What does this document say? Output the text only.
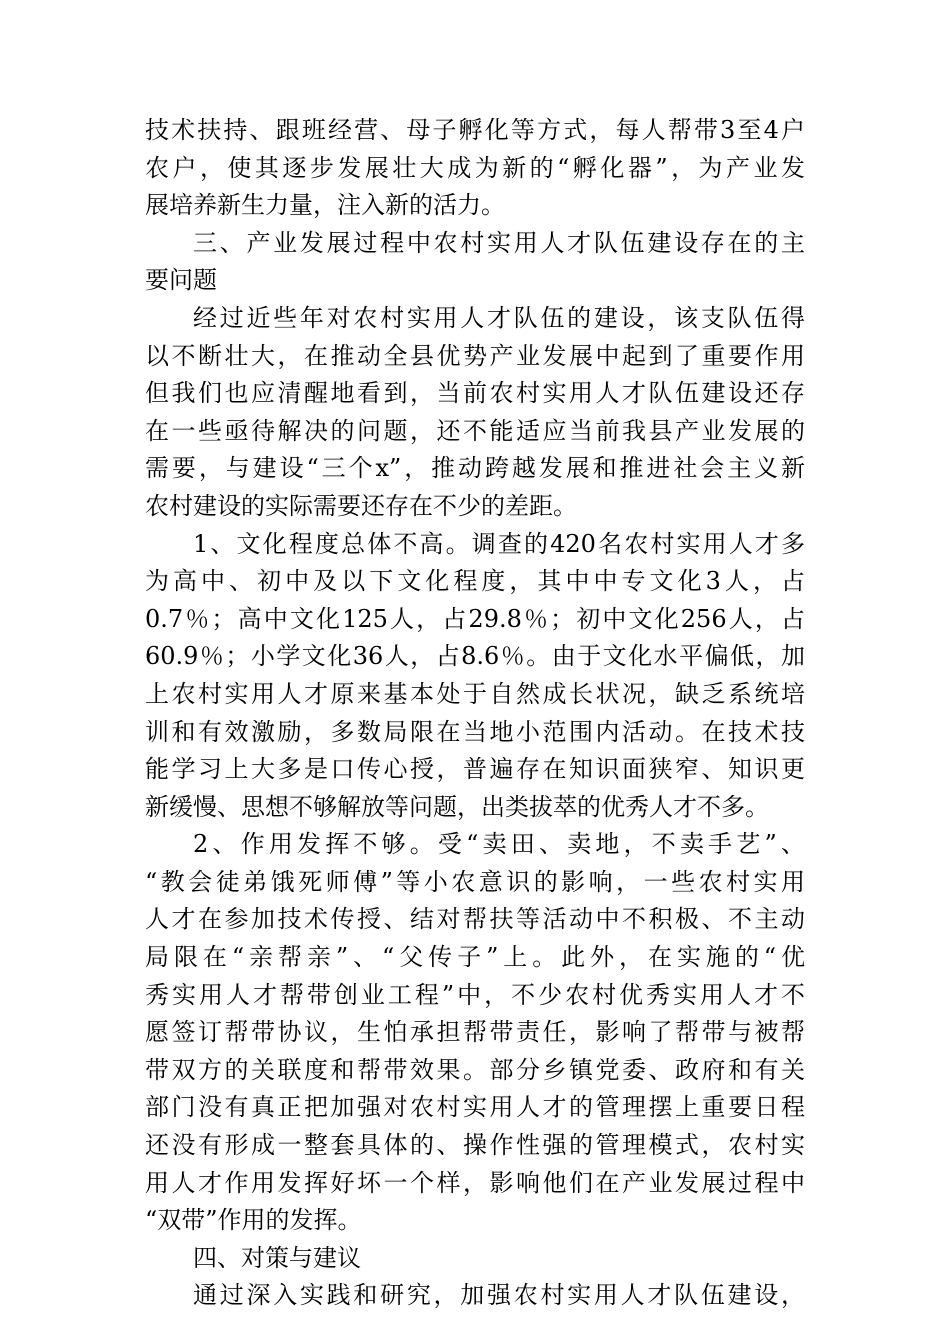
技术扶持、跟班经营、母子孵化等方式，每人帮带3至4户
农户，使其逐步发展壮大成为新的“孵化器”，为产业发
展培养新生力量，注入新的活力。
三、产业发展过程中农村实用人才队伍建设存在的主
要问题
经过近些年对农村实用人才队伍的建设，该支队伍得
以不断壮大，在推动全县优势产业发展中起到了重要作用
但我们也应清醒地看到，当前农村实用人才队伍建设还存
在一些亟待解决的问题，还不能适应当前我县产业发展的
需要，与建设“三个x”，推动跨越发展和推进社会主义新
农村建设的实际需要还存在不少的差距。
1、文化程度总体不高。调查的420名农村实用人才多
为高中、初中及以下文化程度，其中中专文化3人，占
0.7％；高中文化125人，占29.8％；初中文化256人，占
60.9％；小学文化36人，占8.6％。由于文化水平偏低，加
上农村实用人才原来基本处于自然成长状况，缺乏系统培
训和有效激励，多数局限在当地小范围内活动。在技术技
能学习上大多是口传心授，普遍存在知识面狭窄、知识更
新缓慢、思想不够解放等问题，出类拔萃的优秀人才不多。
2、作用发挥不够。受“卖田、卖地，不卖手艺”、
“教会徒弟饿死师傅”等小农意识的影响，一些农村实用
人才在参加技术传授、结对帮扶等活动中不积极、不主动
局限在“亲帮亲”、“父传子”上。此外，在实施的“优
秀实用人才帮带创业工程”中，不少农村优秀实用人才不
愿签订帮带协议，生怕承担帮带责任，影响了帮带与被帮
带双方的关联度和帮带效果。部分乡镇党委、政府和有关
部门没有真正把加强对农村实用人才的管理摆上重要日程
还没有形成一整套具体的、操作性强的管理模式，农村实
用人才作用发挥好坏一个样，影响他们在产业发展过程中
“双带”作用的发挥。
四、对策与建议
通过深入实践和研究，加强农村实用人才队伍建设，
